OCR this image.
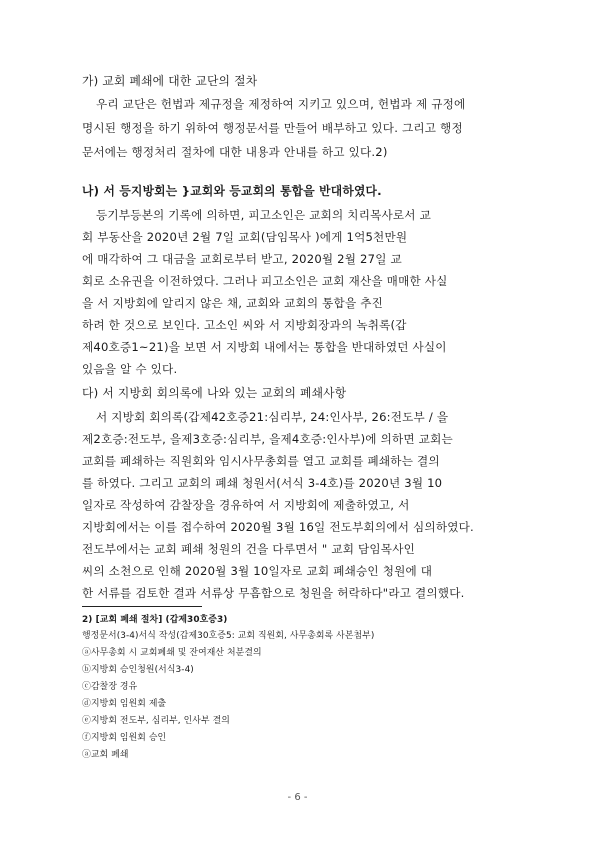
가) 교회 폐쇄에 대한 교단의 절차
우리 교단은 헌법과 제규정을 제정하여 지키고 있으며, 헌법과 제 규정에
명시된 행정을 하기 위하여 행정문서를 만들어 배부하고 있다. 그리고 행정
문서에는 행정처리 절차에 대한 내용과 안내를 하고 있다.2)
나) 서 등지방회는 }교회와 등교회의 통합을 반대하였다.
등기부등본의 기록에 의하면, 피고소인은 교회의 치리목사로서 교
회 부동산을 2020년 2월 7일 교회(담임목사 )에게 1억5천만원
에 매각하여 그 대금을 교회로부터 받고, 2020월 2월 27일 교
회로 소유권을 이전하였다. 그러나 피고소인은 교회 재산을 매매한 사실
을 서 지방회에 알리지 않은 채, 교회와 교회의 통합을 추진
하려 한 것으로 보인다. 고소인 씨와 서 지방회장과의 녹취록(갑
제40호증1~21)을 보면 서 지방회 내에서는 통합을 반대하였던 사실이
있음을 알 수 있다.
다) 서 지방회 회의록에 나와 있는 교회의 폐쇄사항
서 지방회 회의록(갑제42호증21:심리부, 24:인사부, 26:전도부 / 을
제2호증:전도부, 을제3호증:심리부, 을제4호증:인사부)에 의하면 교회는
교회를 폐쇄하는 직원회와 임시사무총회를 열고 교회를 폐쇄하는 결의
를 하였다. 그리고 교회의 폐쇄 청원서(서식 3-4호)를 2020년 3월 10
일자로 작성하여 감찰장을 경유하여 서 지방회에 제출하였고, 서
지방회에서는 이를 접수하여 2020월 3월 16일 전도부회의에서 심의하였다.
전도부에서는 교회 폐쇄 청원의 건을 다루면서 " 교회 담임목사인
씨의 소천으로 인해 2020월 3월 10일자로 교회 폐쇄승인 청원에 대
한 서류를 검토한 결과 서류상 무흠함으로 청원을 허락하다"라고 결의했다.
2) [교회 폐쇄 절차] (갑제30호증3)
행정문서(3-4)서식 작성(갑제30호증5: 교회 직원회, 사무총회록 사본첨부)
ⓐ사무총회 시 교회폐쇄 및 잔여재산 처분결의
ⓑ지방회 승인청원(서식3-4)
ⓒ감찰장 경유
ⓓ지방회 임원회 제출
ⓔ지방회 전도부, 심리부, 인사부 결의
ⓕ지방회 임원회 승인
ⓐ교회 폐쇄
- 6 -
